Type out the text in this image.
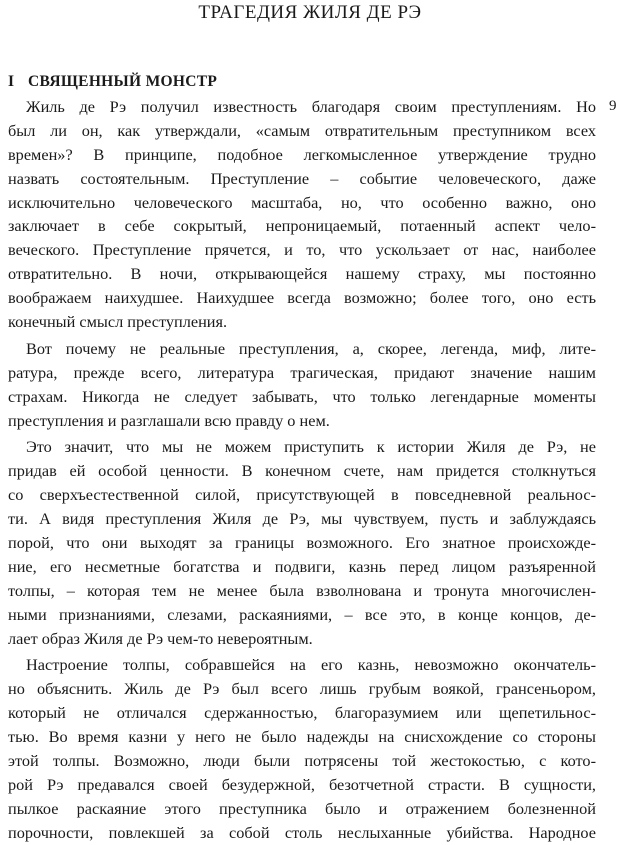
ТРАГЕДИЯ ЖИЛЯ ДЕ РЭ
I СВЯЩЕННЫЙ МОНСТР
9
Жиль де Рэ получил известность благодаря своим преступлениям. Но
был ли он, как утверждали, «самым отвратительным преступником всех
времен»? В принципе, подобное легкомысленное утверждение трудно
назвать состоятельным. Преступление – событие человеческого, даже
исключительно человеческого масштаба, но, что особенно важно, оно
заключает в себе сокрытый, непроницаемый, потаенный аспект чело-
веческого. Преступление прячется, и то, что ускользает от нас, наиболее
отвратительно. В ночи, открывающейся нашему страху, мы постоянно
воображаем наихудшее. Наихудшее всегда возможно; более того, оно есть
конечный смысл преступления.
Вот почему не реальные преступления, а, скорее, легенда, миф, лите-
ратура, прежде всего, литература трагическая, придают значение нашим
страхам. Никогда не следует забывать, что только легендарные моменты
преступления и разглашали всю правду о нем.
Это значит, что мы не можем приступить к истории Жиля де Рэ, не
придав ей особой ценности. В конечном счете, нам придется столкнуться
со сверхъестественной силой, присутствующей в повседневной реальнос-
ти. А видя преступления Жиля де Рэ, мы чувствуем, пусть и заблуждаясь
порой, что они выходят за границы возможного. Его знатное происхожде-
ние, его несметные богатства и подвиги, казнь перед лицом разъяренной
толпы, – которая тем не менее была взволнована и тронута многочислен-
ными признаниями, слезами, раскаяниями, – все это, в конце концов, де-
лает образ Жиля де Рэ чем-то невероятным.
Настроение толпы, собравшейся на его казнь, невозможно окончатель-
но объяснить. Жиль де Рэ был всего лишь грубым воякой, грансеньором,
который не отличался сдержанностью, благоразумием или щепетильнос-
тью. Во время казни у него не было надежды на снисхождение со стороны
этой толпы. Возможно, люди были потрясены той жестокостью, с кото-
рой Рэ предавался своей безудержной, безотчетной страсти. В сущности,
пылкое раскаяние этого преступника было и отражением болезненной
порочности, повлекшей за собой столь неслыханные убийства. Народное
